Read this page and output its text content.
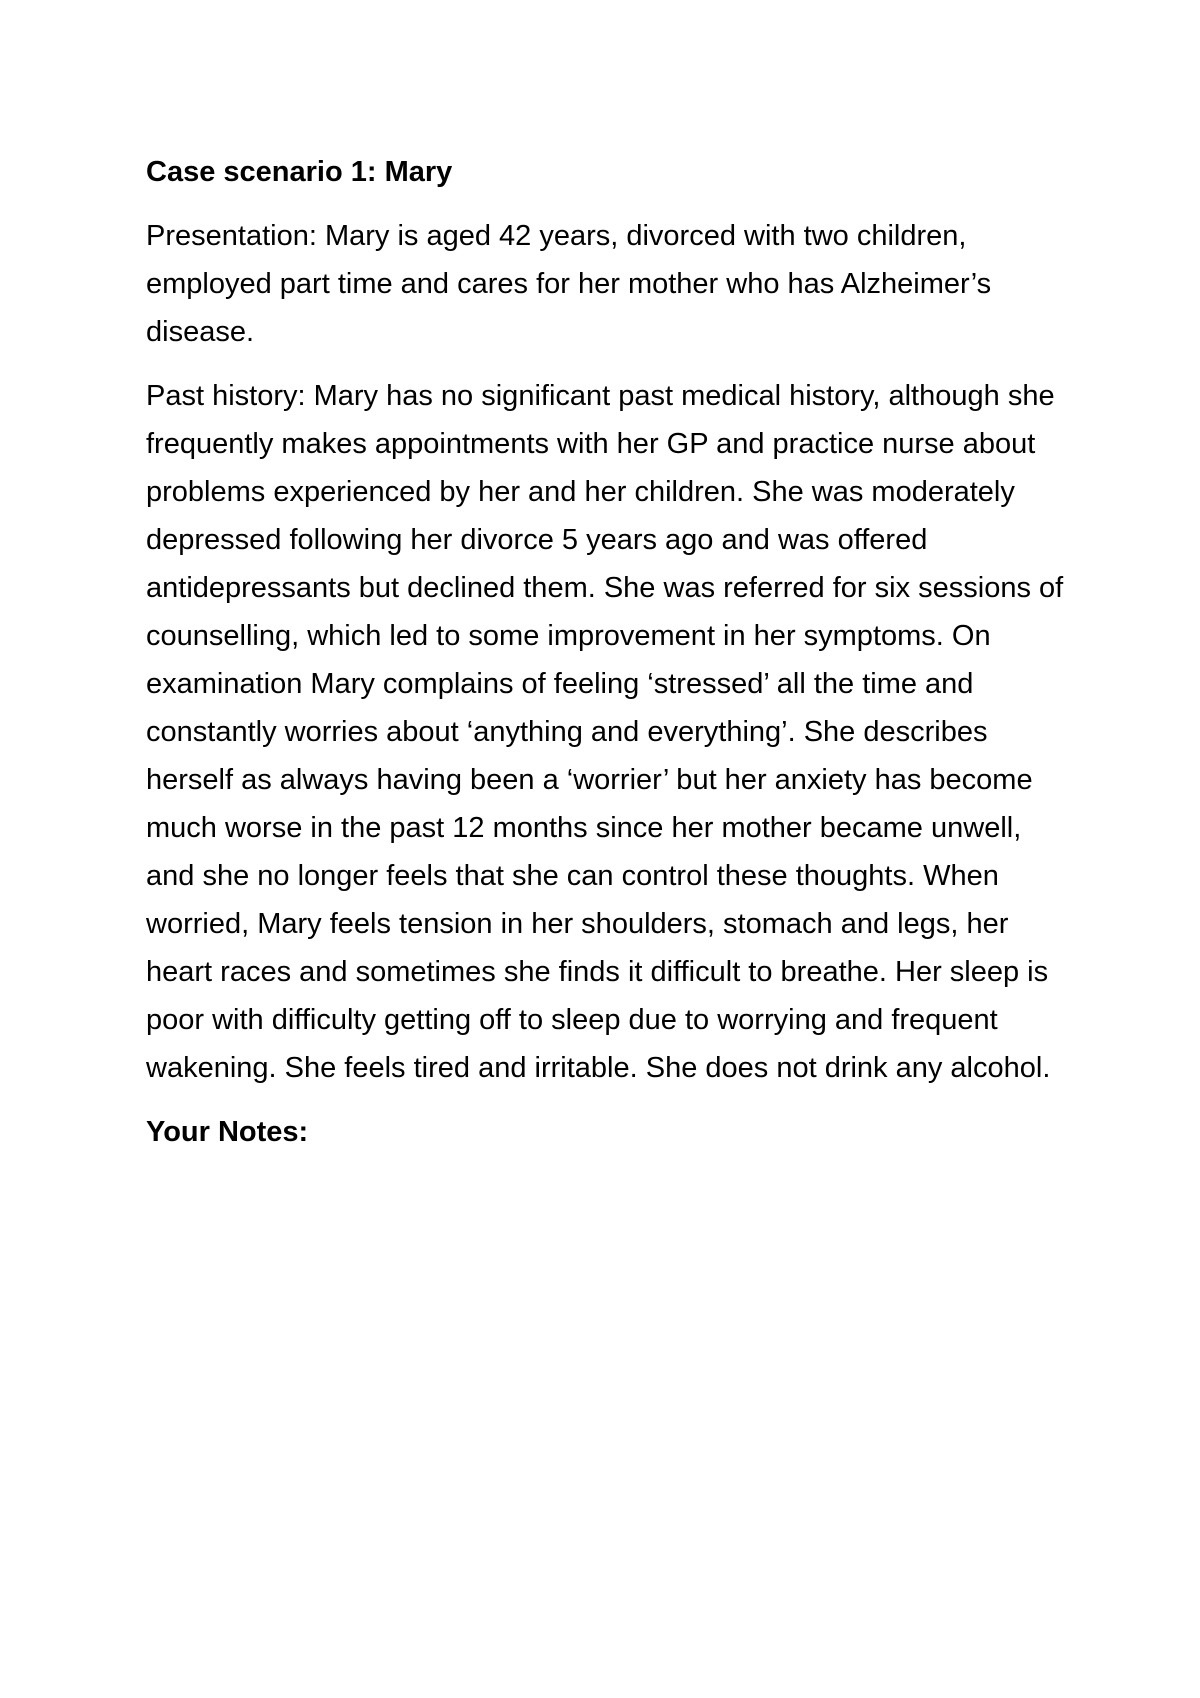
Case scenario 1: Mary

Presentation: Mary is aged 42 years, divorced with two children, employed part time and cares for her mother who has Alzheimer’s disease.

Past history: Mary has no significant past medical history, although she frequently makes appointments with her GP and practice nurse about problems experienced by her and her children. She was moderately depressed following her divorce 5 years ago and was offered antidepressants but declined them. She was referred for six sessions of counselling, which led to some improvement in her symptoms. On examination Mary complains of feeling ‘stressed’ all the time and constantly worries about ‘anything and everything’. She describes herself as always having been a ‘worrier’ but her anxiety has become much worse in the past 12 months since her mother became unwell, and she no longer feels that she can control these thoughts. When worried, Mary feels tension in her shoulders, stomach and legs, her heart races and sometimes she finds it difficult to breathe. Her sleep is poor with difficulty getting off to sleep due to worrying and frequent wakening. She feels tired and irritable. She does not drink any alcohol.

Your Notes:
